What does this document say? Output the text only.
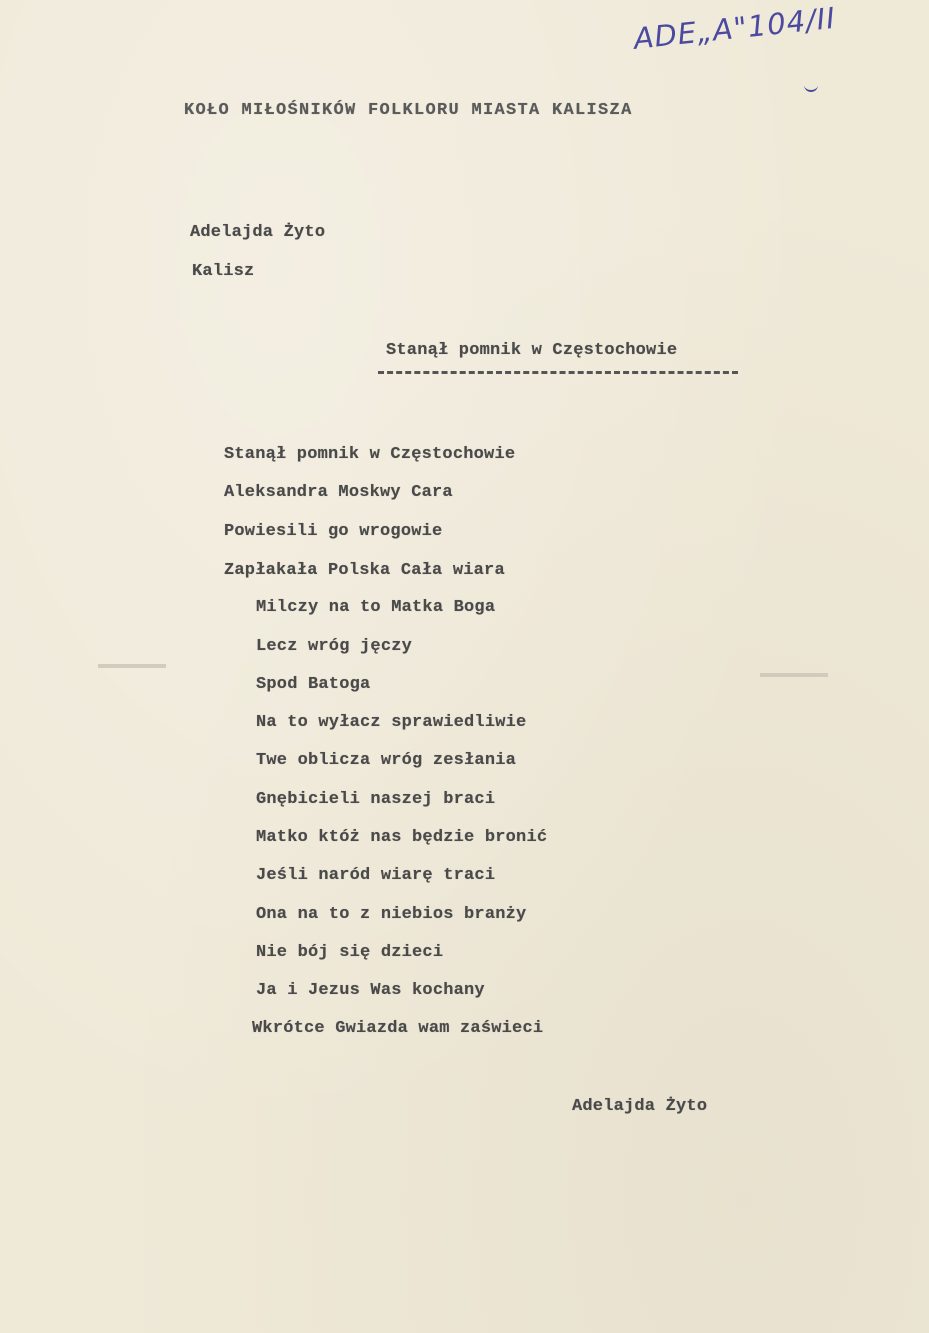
ADE„A"104/II
KOŁO MIŁOŚNIKÓW FOLKLORU MIASTA KALISZA
Adelajda Żyto
Kalisz
Stanął pomnik w Częstochowie
Stanął pomnik w Częstochowie
Aleksandra Moskwy Cara
Powiesili go wrogowie
Zapłakała Polska Cała wiara
Milczy na to Matka Boga
Lecz wróg jęczy
Spod Batoga
Na to wyłacz sprawiedliwie
Twe oblicza wróg zesłania
Gnębicieli naszej braci
Matko któż nas będzie bronić
Jeśli naród wiarę traci
Ona na to z niebios branży
Nie bój się dzieci
Ja i Jezus Was kochany
Wkrótce Gwiazda wam zaświeci
Adelajda Żyto
